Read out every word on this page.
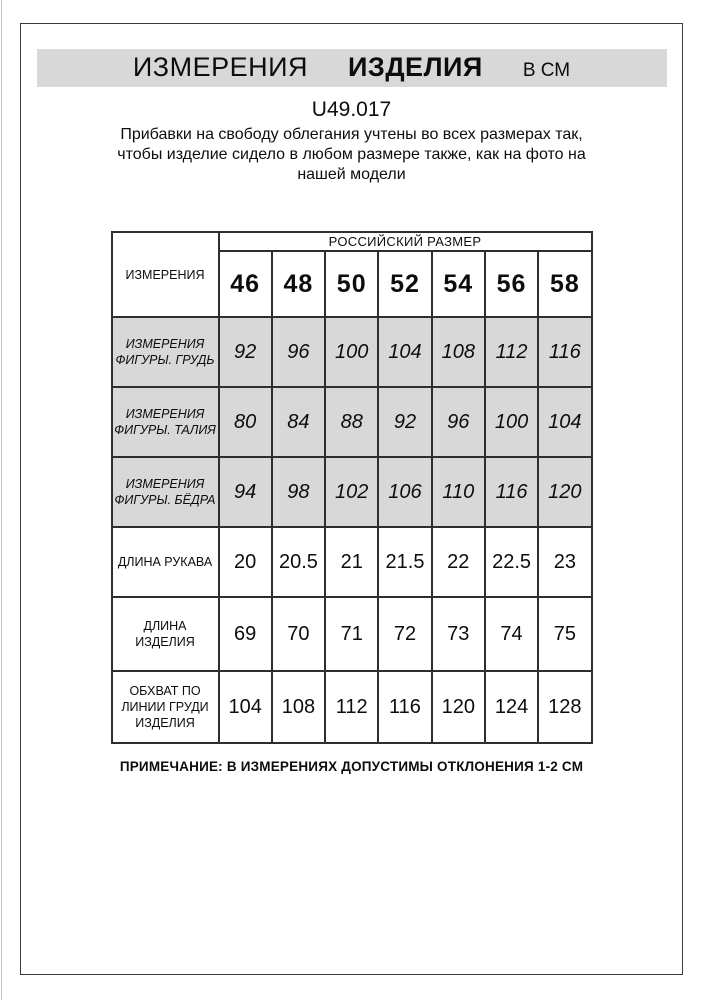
ИЗМЕРЕНИЯ ИЗДЕЛИЯ В СМ
U49.017
Прибавки на свободу облегания учтены во всех размерах так,
чтобы изделие сидело в любом размере также, как на фото на
нашей модели
ИЗМЕРЕНИЯ	РОССИЙСКИЙ РАЗМЕР						
	46	48	50	52	54	56	58
ИЗМЕРЕНИЯ ФИГУРЫ. ГРУДЬ	92	96	100	104	108	112	116
ИЗМЕРЕНИЯ ФИГУРЫ. ТАЛИЯ	80	84	88	92	96	100	104
ИЗМЕРЕНИЯ ФИГУРЫ. БЁДРА	94	98	102	106	110	116	120
ДЛИНА РУКАВА	20	20.5	21	21.5	22	22.5	23
ДЛИНА ИЗДЕЛИЯ	69	70	71	72	73	74	75
ОБХВАТ ПО ЛИНИИ ГРУДИ ИЗДЕЛИЯ	104	108	112	116	120	124	128
ПРИМЕЧАНИЕ: В ИЗМЕРЕНИЯХ ДОПУСТИМЫ ОТКЛОНЕНИЯ 1-2 СМ
